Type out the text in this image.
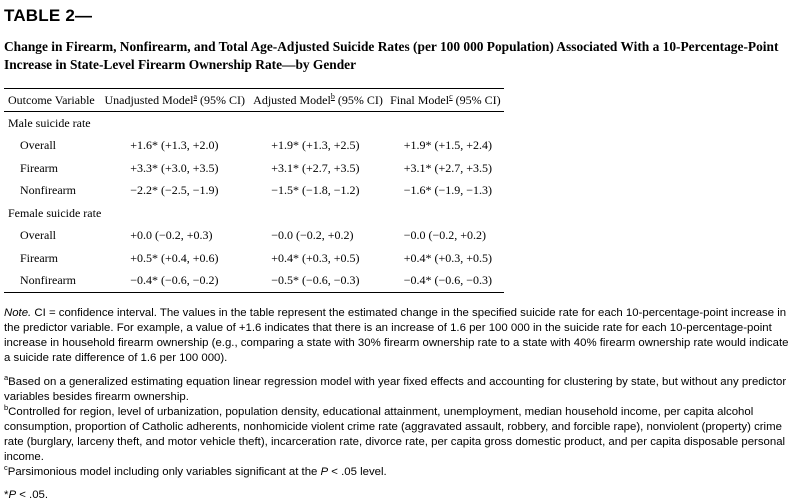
TABLE 2—
Change in Firearm, Nonfirearm, and Total Age-Adjusted Suicide Rates (per 100 000 Population) Associated With a 10-Percentage-Point Increase in State-Level Firearm Ownership Rate—by Gender
Outcome Variable	Unadjusted Model$^a$ (95% CI)	Adjusted Model$^b$ (95% CI)	Final Model$^c$ (95% CI)
Male suicide rate			
Overall	+1.6* (+1.3, +2.0)	+1.9* (+1.3, +2.5)	+1.9* (+1.5, +2.4)
Firearm	+3.3* (+3.0, +3.5)	+3.1* (+2.7, +3.5)	+3.1* (+2.7, +3.5)
Nonfirearm	−2.2* (−2.5, −1.9)	−1.5* (−1.8, −1.2)	−1.6* (−1.9, −1.3)
Female suicide rate			
Overall	+0.0 (−0.2, +0.3)	−0.0 (−0.2, +0.2)	−0.0 (−0.2, +0.2)
Firearm	+0.5* (+0.4, +0.6)	+0.4* (+0.3, +0.5)	+0.4* (+0.3, +0.5)
Nonfirearm	−0.4* (−0.6, −0.2)	−0.5* (−0.6, −0.3)	−0.4* (−0.6, −0.3)

Note. CI = confidence interval. The values in the table represent the estimated change in the specified suicide rate for each 10-percentage-point increase in the predictor variable. For example, a value of +1.6 indicates that there is an increase of 1.6 per 100 000 in the suicide rate for each 10-percentage-point increase in household firearm ownership (e.g., comparing a state with 30% firearm ownership rate to a state with 40% firearm ownership rate would indicate a suicide rate difference of 1.6 per 100 000).

$^a$Based on a generalized estimating equation linear regression model with year fixed effects and accounting for clustering by state, but without any predictor variables besides firearm ownership.

$^b$Controlled for region, level of urbanization, population density, educational attainment, unemployment, median household income, per capita alcohol consumption, proportion of Catholic adherents, nonhomicide violent crime rate (aggravated assault, robbery, and forcible rape), nonviolent (property) crime rate (burglary, larceny theft, and motor vehicle theft), incarceration rate, divorce rate, per capita gross domestic product, and per capita disposable personal income.

$^c$Parsimonious model including only variables significant at the P < .05 level.

*P < .05.
